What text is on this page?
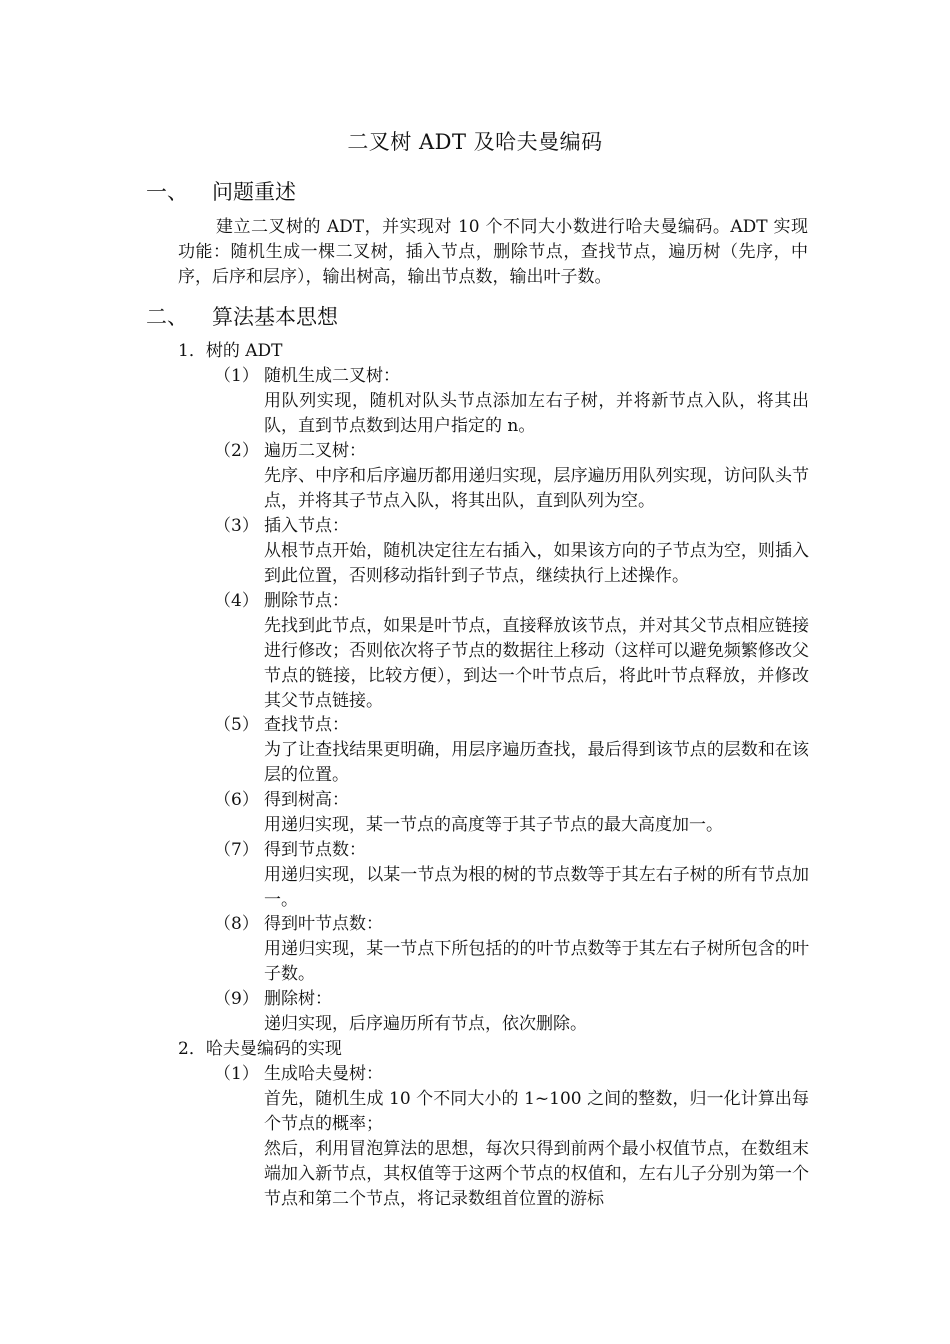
二叉树 ADT 及哈夫曼编码
一、 问题重述
建立二叉树的 ADT，并实现对 10 个不同大小数进行哈夫曼编码。ADT 实现功能：随机生成一棵二叉树，插入节点，删除节点，查找节点，遍历树（先序，中序，后序和层序），输出树高，输出节点数，输出叶子数。
二、 算法基本思想
1．树的 ADT
（1） 随机生成二叉树：
用队列实现，随机对队头节点添加左右子树，并将新节点入队，将其出队，直到节点数到达用户指定的 n。
（2） 遍历二叉树：
先序、中序和后序遍历都用递归实现，层序遍历用队列实现，访问队头节点，并将其子节点入队，将其出队，直到队列为空。
（3） 插入节点：
从根节点开始，随机决定往左右插入，如果该方向的子节点为空，则插入到此位置，否则移动指针到子节点，继续执行上述操作。
（4） 删除节点：
先找到此节点，如果是叶节点，直接释放该节点，并对其父节点相应链接进行修改；否则依次将子节点的数据往上移动（这样可以避免频繁修改父节点的链接，比较方便），到达一个叶节点后，将此叶节点释放，并修改其父节点链接。
（5） 查找节点：
为了让查找结果更明确，用层序遍历查找，最后得到该节点的层数和在该层的位置。
（6） 得到树高：
用递归实现，某一节点的高度等于其子节点的最大高度加一。
（7） 得到节点数：
用递归实现，以某一节点为根的树的节点数等于其左右子树的所有节点加一。
（8） 得到叶节点数：
用递归实现，某一节点下所包括的的叶节点数等于其左右子树所包含的叶子数。
（9） 删除树：
递归实现，后序遍历所有节点，依次删除。
2．哈夫曼编码的实现
（1） 生成哈夫曼树：

首先，随机生成 10 个不同大小的 1~100 之间的整数，归一化计算出每个节点的概率；

然后，利用冒泡算法的思想，每次只得到前两个最小权值节点，在数组末端加入新节点，其权值等于这两个节点的权值和，左右儿子分别为第一个节点和第二个节点，将记录数组首位置的游标
